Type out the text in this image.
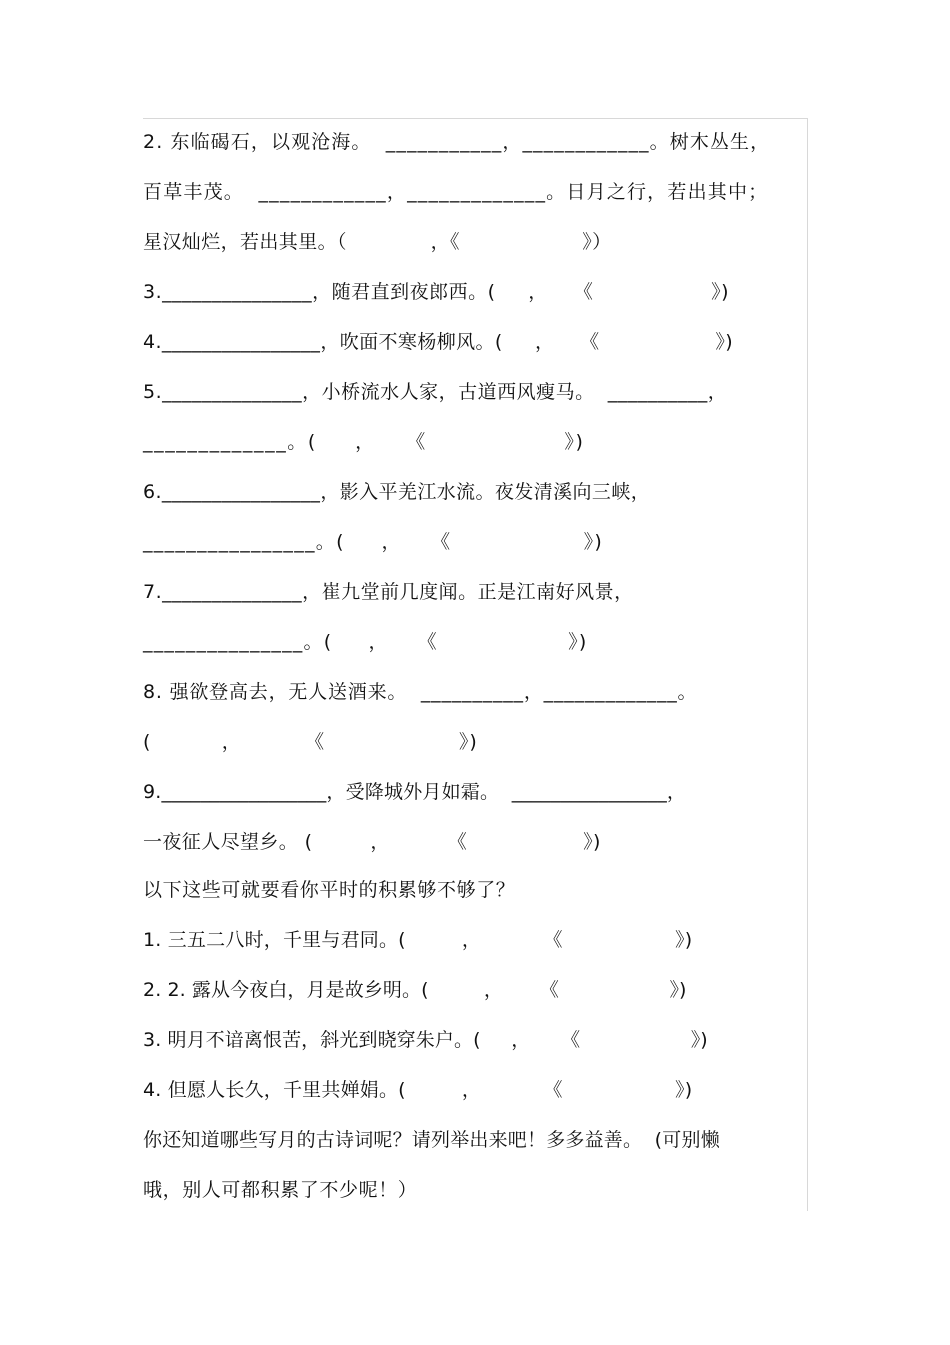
2. 东临碣石，以观沧海。  ___________，____________。树木丛生，
百草丰茂。  ____________，_____________。日月之行，若出其中；
星汉灿烂，若出其里。（             ，《                   》）
3._______________，随君直到夜郎西。(     ，    《                  》)
4.________________，吹面不寒杨柳风。(     ，    《                  》)
5.______________，小桥流水人家，古道西风瘦马。  __________，
_____________。(     ，    《                  》)
6.________________，影入平羌江水流。夜发清溪向三峡，
________________。(     ，    《                  》)
7.______________，崔九堂前几度闻。正是江南好风景，
_______________。(     ，    《                  》)
8. 强欲登高去，无人送酒来。  __________，_____________。
(          ，         《                   》)
9._________________，受降城外月如霜。  ________________，
一夜征人尽望乡。 (         ，         《                  》)
以下这些可就要看你平时的积累够不够了？
1. 三五二八时，千里与君同。(         ，          《                  》)
2. 2. 露从今夜白，月是故乡明。(         ，      《                  》)
3. 明月不谙离恨苦，斜光到晓穿朱户。(     ，     《                  》)
4. 但愿人长久，千里共婵娟。(         ，          《                  》)
你还知道哪些写月的古诗词呢？请列举出来吧！多多益善。  (可别懒
哦，别人可都积累了不少呢！）
